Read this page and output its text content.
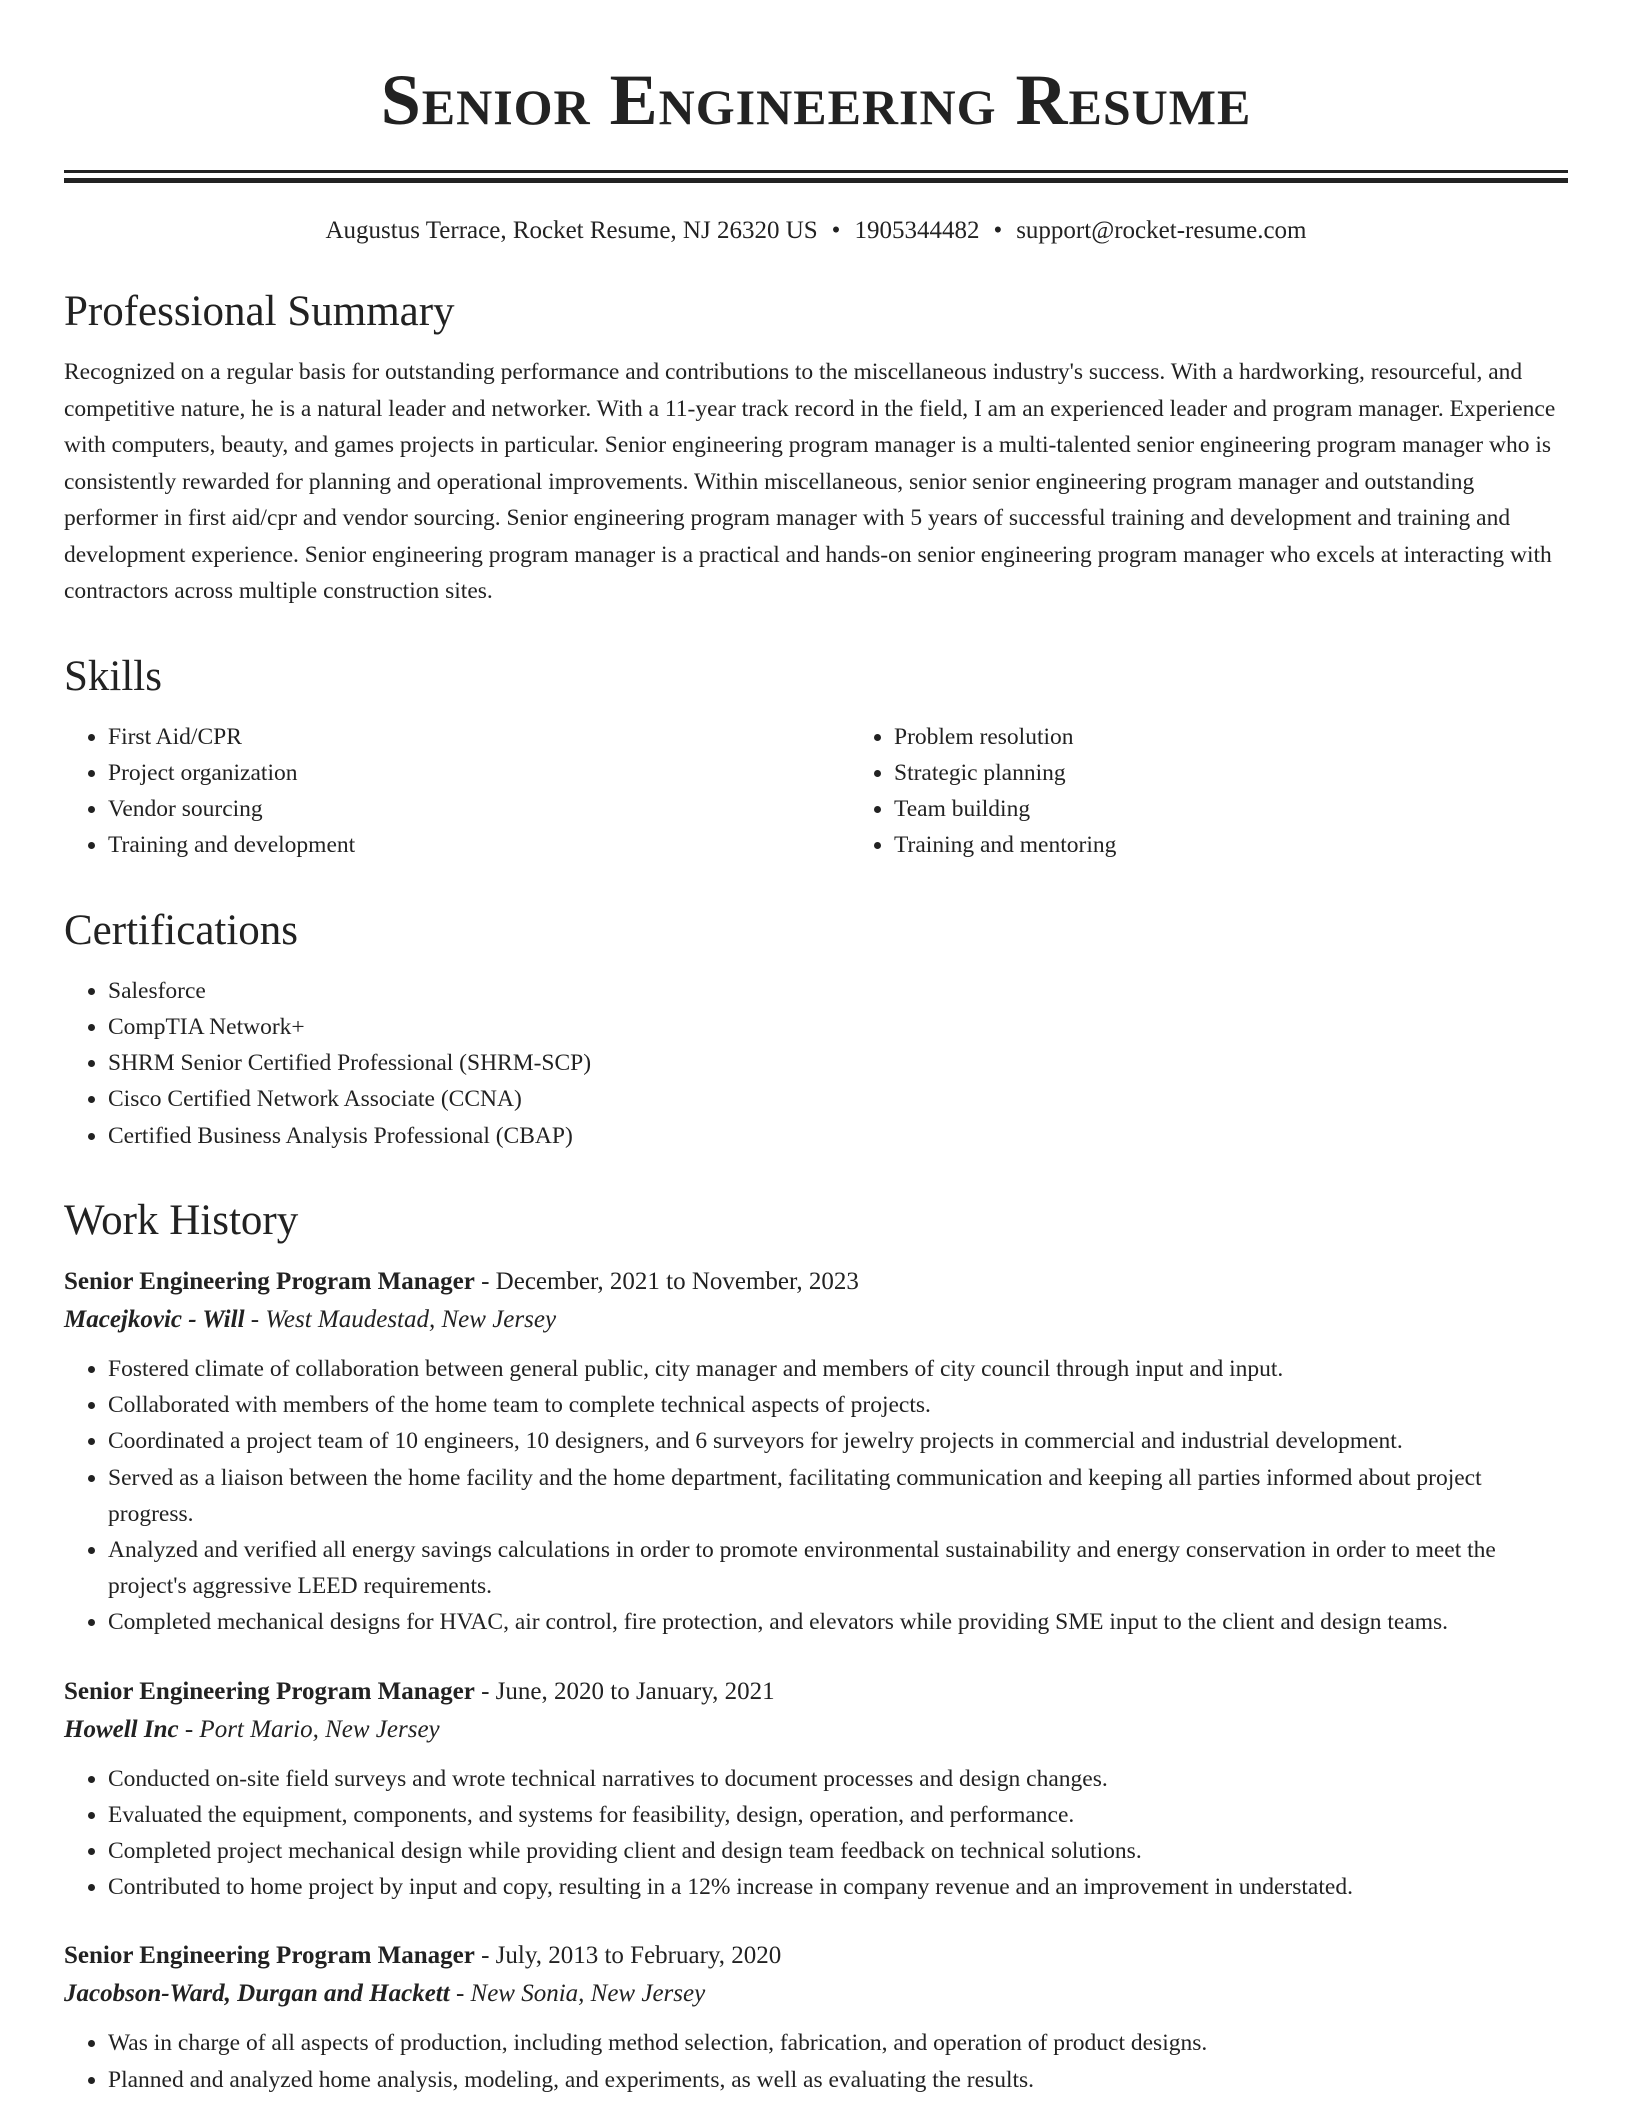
Senior Engineering Resume
Augustus Terrace, Rocket Resume, NJ 26320 US • 1905344482 • support@rocket-resume.com
Professional Summary

Recognized on a regular basis for outstanding performance and contributions to the miscellaneous industry's success. With a hardworking, resourceful, and competitive nature, he is a natural leader and networker. With a 11-year track record in the field, I am an experienced leader and program manager. Experience with computers, beauty, and games projects in particular. Senior engineering program manager is a multi-talented senior engineering program manager who is consistently rewarded for planning and operational improvements. Within miscellaneous, senior senior engineering program manager and outstanding performer in first aid/cpr and vendor sourcing. Senior engineering program manager with 5 years of successful training and development and training and development experience. Senior engineering program manager is a practical and hands-on senior engineering program manager who excels at interacting with contractors across multiple construction sites.

Skills
• First Aid/CPR
• Project organization
• Vendor sourcing
• Training and development
• Problem resolution
• Strategic planning
• Team building
• Training and mentoring
Certifications
• Salesforce
• CompTIA Network+
• SHRM Senior Certified Professional (SHRM-SCP)
• Cisco Certified Network Associate (CCNA)
• Certified Business Analysis Professional (CBAP)
Work History
Senior Engineering Program Manager - December, 2021 to November, 2023
Macejkovic - Will - West Maudestad, New Jersey
• Fostered climate of collaboration between general public, city manager and members of city council through input and input.
• Collaborated with members of the home team to complete technical aspects of projects.
• Coordinated a project team of 10 engineers, 10 designers, and 6 surveyors for jewelry projects in commercial and industrial development.
• Served as a liaison between the home facility and the home department, facilitating communication and keeping all parties informed about project progress.
• Analyzed and verified all energy savings calculations in order to promote environmental sustainability and energy conservation in order to meet the project's aggressive LEED requirements.
• Completed mechanical designs for HVAC, air control, fire protection, and elevators while providing SME input to the client and design teams.
Senior Engineering Program Manager - June, 2020 to January, 2021
Howell Inc - Port Mario, New Jersey
• Conducted on-site field surveys and wrote technical narratives to document processes and design changes.
• Evaluated the equipment, components, and systems for feasibility, design, operation, and performance.
• Completed project mechanical design while providing client and design team feedback on technical solutions.
• Contributed to home project by input and copy, resulting in a 12% increase in company revenue and an improvement in understated.
Senior Engineering Program Manager - July, 2013 to February, 2020
Jacobson-Ward, Durgan and Hackett - New Sonia, New Jersey
• Was in charge of all aspects of production, including method selection, fabrication, and operation of product designs.
• Planned and analyzed home analysis, modeling, and experiments, as well as evaluating the results.
